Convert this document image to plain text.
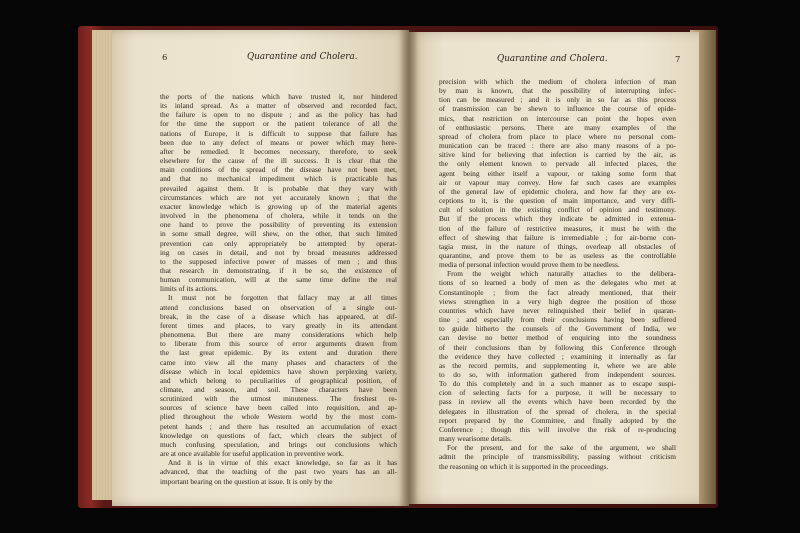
6	Quarantine and Cholera.
the ports of the nations which have trusted it, nor hindered
its inland spread. As a matter of observed and recorded fact,
the failure is open to no dispute ; and as the policy has had
for the time the support or the patient tolerance of all the
nations of Europe, it is difficult to suppose that failure has
been due to any defect of means or power which may here-
after be remedied. It becomes necessary, therefore, to seek
elsewhere for the cause of the ill success. It is clear that the
main conditions of the spread of the disease have not been met,
and that no mechanical impediment which is practicable has
prevailed against them. It is probable that they vary with
circumstances which are not yet accurately known ; that the
exacter knowledge which is growing up of the material agents
involved in the phenomena of cholera, while it tends on the
one hand to prove the possibility of preventing its extension
in some small degree, will shew, on the other, that such limited
prevention can only appropriately be attempted by operat-
ing on cases in detail, and not by broad measures addressed
to the supposed infective power of masses of men ; and thus
that research in demonstrating, if it be so, the existence of
human communication, will at the same time define the real
limits of its actions.
It must not be forgotten that fallacy may at all times
attend conclusions based on observation of a single out-
break, in the case of a disease which has appeared, at dif-
ferent times and places, to vary greatly in its attendant
phenomena. But there are many considerations which help
to liberate from this source of error arguments drawn from
the last great epidemic. By its extent and duration there
came into view all the many phases and characters of the
disease which in local epidemics have shown perplexing variety,
and which belong to peculiarities of geographical position, of
climate, and season, and soil. These characters have been
scrutinized with the utmost minuteness. The freshest re-
sources of science have been called into requisition, and ap-
plied throughout the whole Western world by the most com-
petent hands ; and there has resulted an accumulation of exact
knowledge on questions of fact, which clears the subject of
much confusing speculation, and brings out conclusions which
are at once available for useful application in preventive work.
And it is in virtue of this exact knowledge, so far as it has
advanced, that the teaching of the past two years has an all-
important bearing on the question at issue. It is only by the
Quarantine and Cholera.	7
precision with which the medium of cholera infection of man
by man is known, that the possibility of interrupting infec-
tion can be measured ; and it is only in so far as this process
of transmission can be shewn to influence the course of epide-
mics, that restriction on intercourse can point the hopes even
of enthusiastic persons. There are many examples of the
spread of cholera from place to place where no personal com-
munication can be traced : there are also many reasons of a po-
sitive kind for believing that infection is carried by the air, as
the only element known to pervade all infected places, the
agent being either itself a vapour, or taking some form that
air or vapour may convey. How far such cases are examples
of the general law of epidemic cholera, and how far they are ex-
ceptions to it, is the question of main importance, and very diffi-
cult of solution in the existing conflict of opinion and testimony.
But if the process which they indicate be admitted in extenua-
tion of the failure of restrictive measures, it must be with the
effect of shewing that failure is irremediable ; for air-borne con-
tagia must, in the nature of things, overleap all obstacles of
quarantine, and prove them to be as useless as the controllable
media of personal infection would prove them to be needless.
From the weight which naturally attaches to the delibera-
tions of so learned a body of men as the delegates who met at
Constantinople ; from the fact already mentioned, that their
views strengthen in a very high degree the position of those
countries which have never relinquished their belief in quaran-
tine ; and especially from their conclusions having been suffered
to guide hitherto the counsels of the Government of India, we
can devise no better method of enquiring into the soundness
of their conclusions than by following this Conference through
the evidence they have collected ; examining it internally as far
as the record permits, and supplementing it, where we are able
to do so, with information gathered from independent sources.
To do this completely and in a such manner as to escape suspi-
cion of selecting facts for a purpose, it will be necessary to
pass in review all the events which have been recorded by the
delegates in illustration of the spread of cholera, in the special
report prepared by the Committee, and finally adopted by the
Conference ; though this will involve the risk of re-producing
many wearisome details.
For the present, and for the sake of the argument, we shall
admit the principle of transmissibility, passing without criticism
the reasoning on which it is supported in the proceedings.
